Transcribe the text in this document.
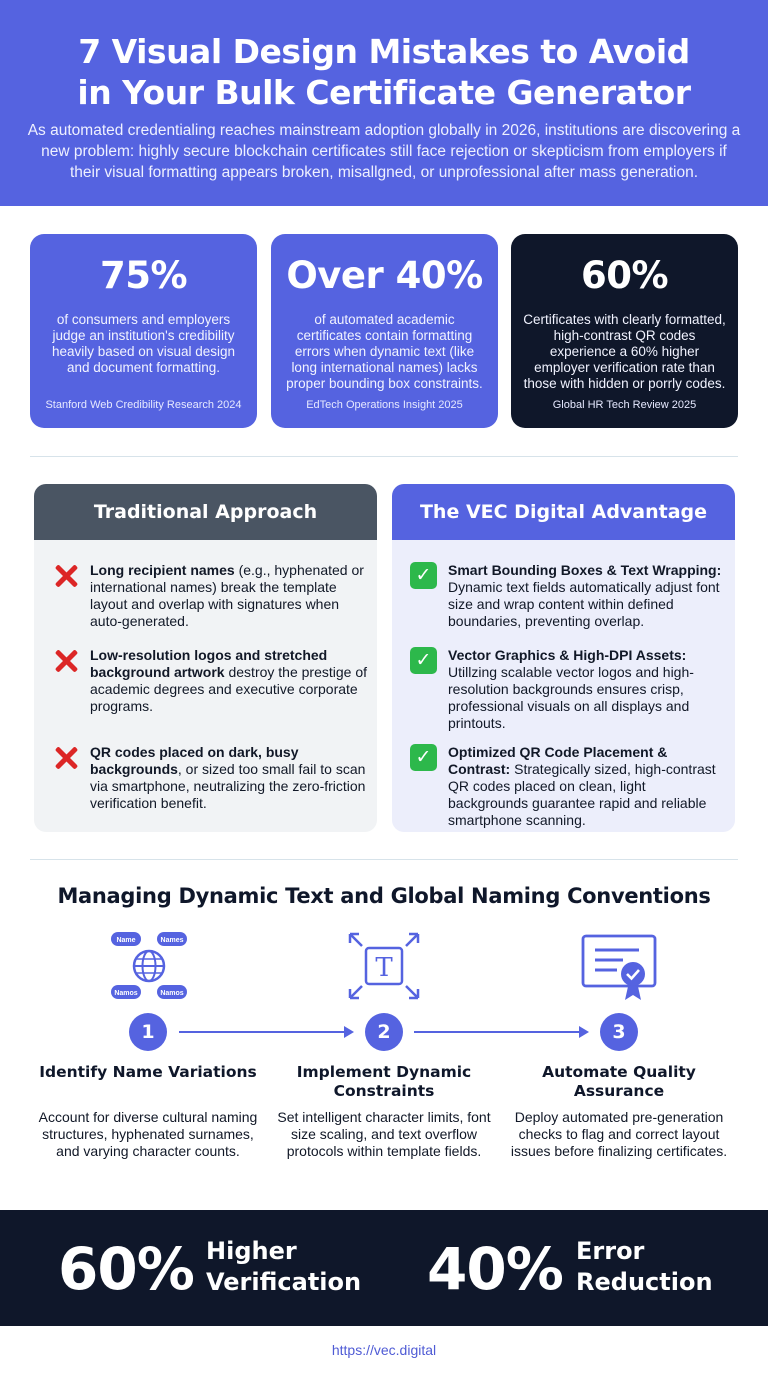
7 Visual Design Mistakes to Avoid
in Your Bulk Certificate Generator

As automated credentialing reaches mainstream adoption globally in 2026, institutions are discovering a new problem: highly secure blockchain certificates still face rejection or skepticism from employers if their visual formatting appears broken, misallgned, or unprofessional after mass generation.

75%
of consumers and employers judge an institution's credibility heavily based on visual design and document formatting.
Stanford Web Credibility Research 2024
Over 40%
of automated academic certificates contain formatting errors when dynamic text (like long international names) lacks proper bounding box constraints.
EdTech Operations Insight 2025
60%
Certificates with clearly formatted, high-contrast QR codes experience a 60% higher employer verification rate than those with hidden or porrly codes.
Global HR Tech Review 2025
Traditional Approach
Long recipient names (e.g., hyphenated or international names) break the template layout and overlap with signatures when auto-generated.
Low-resolution logos and stretched background artwork destroy the prestige of academic degrees and executive corporate programs.
QR codes placed on dark, busy backgrounds, or sized too small fail to scan via smartphone, neutralizing the zero-friction verification benefit.
The VEC Digital Advantage
✓	Smart Bounding Boxes & Text Wrapping: Dynamic text fields automatically adjust font size and wrap content within defined boundaries, preventing overlap.
✓	Vector Graphics & High-DPI Assets: Utillzing scalable vector logos and high-resolution backgrounds ensures crisp, professional visuals on all displays and printouts.
✓	Optimized QR Code Placement & Contrast: Strategically sized, high-contrast QR codes placed on clean, light backgrounds guarantee rapid and reliable smartphone scanning.
Managing Dynamic Text and Global Naming Conventions
Name	Names
Namos	Namos
T
1	2	3
Identify Name Variations	Implement Dynamic Constraints
Automate Quality Assurance
Account for diverse cultural naming structures, hyphenated surnames, and varying character counts.
Set intelligent character limits, font size scaling, and text overflow protocols within template fields.
Deploy automated pre-generation checks to flag and correct layout issues before finalizing certificates.
60% Higher
Verification 40% Error
Reduction
https://vec.digital
